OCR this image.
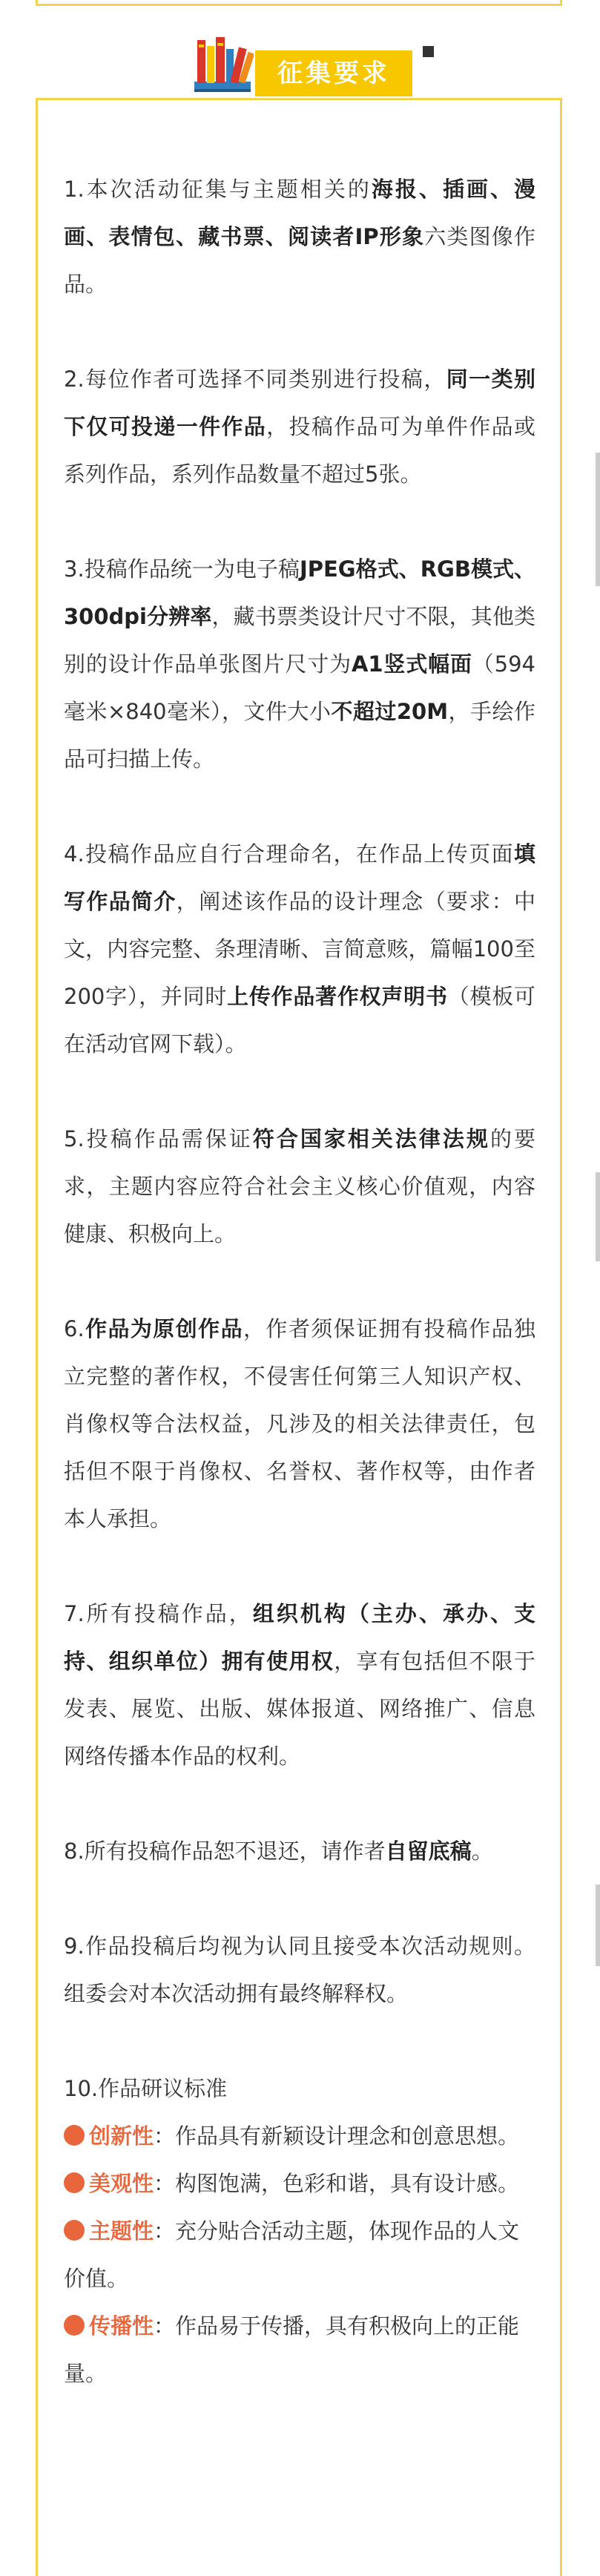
征集要求

1.本次活动征集与主题相关的海报、插画、漫画、表情包、藏书票、阅读者IP形象六类图像作品。

2.每位作者可选择不同类别进行投稿，同一类别下仅可投递一件作品，投稿作品可为单件作品或系列作品，系列作品数量不超过5张。

3.投稿作品统一为电子稿JPEG格式、RGB模式、300dpi分辨率，藏书票类设计尺寸不限，其他类别的设计作品单张图片尺寸为A1竖式幅面（594毫米×840毫米），文件大小不超过20M，手绘作品可扫描上传。

4.投稿作品应自行合理命名，在作品上传页面填写作品简介，阐述该作品的设计理念（要求：中文，内容完整、条理清晰、言简意赅，篇幅100至200字），并同时上传作品著作权声明书（模板可在活动官网下载）。

5.投稿作品需保证符合国家相关法律法规的要求，主题内容应符合社会主义核心价值观，内容健康、积极向上。

6.作品为原创作品，作者须保证拥有投稿作品独立完整的著作权，不侵害任何第三人知识产权、肖像权等合法权益，凡涉及的相关法律责任，包括但不限于肖像权、名誉权、著作权等，由作者本人承担。

7.所有投稿作品，组织机构（主办、承办、支持、组织单位）拥有使用权，享有包括但不限于发表、展览、出版、媒体报道、网络推广、信息网络传播本作品的权利。

8.所有投稿作品恕不退还，请作者自留底稿。

9.作品投稿后均视为认同且接受本次活动规则。组委会对本次活动拥有最终解释权。

10.作品研议标准

创新性：作品具有新颖设计理念和创意思想。

美观性：构图饱满，色彩和谐，具有设计感。

主题性：充分贴合活动主题，体现作品的人文价值。

传播性：作品易于传播，具有积极向上的正能量。
